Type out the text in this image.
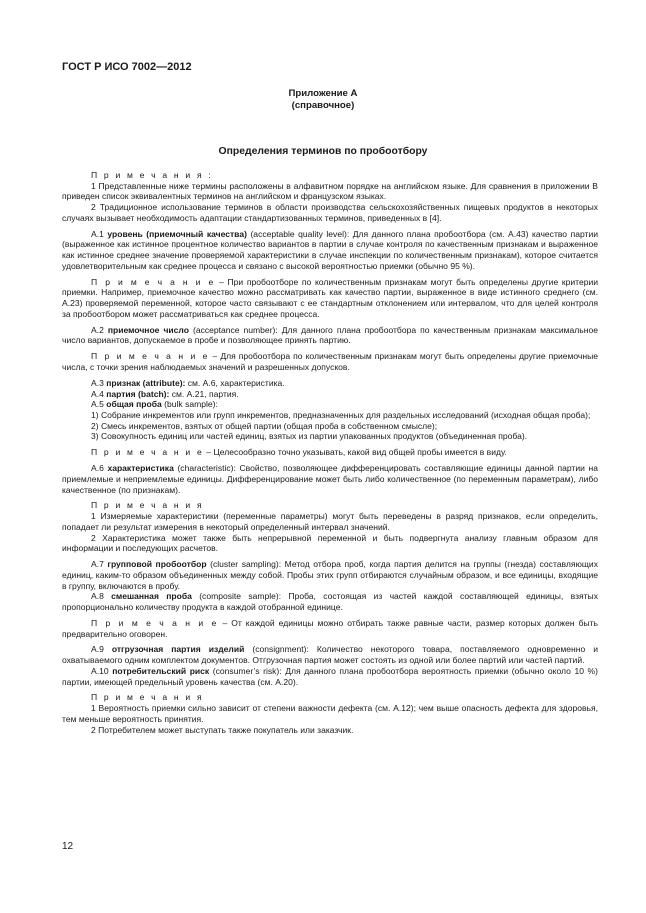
ГОСТ Р ИСО 7002—2012
Приложение А
(справочное)
Определения терминов по пробоотбору

П р и м е ч а н и я :

1 Представленные ниже термины расположены в алфавитном порядке на английском языке. Для сравнения в приложении В приведен список эквивалентных терминов на английском и французском языках.

2 Традиционное использование терминов в области производства сельскохозяйственных пищевых продуктов в некоторых случаях вызывает необходимость адаптации стандартизованных терминов, приведенных в [4].

А.1 уровень (приемочный качества) (acceptable quality level): Для данного плана пробоотбора (см. А.43) качество партии (выраженное как истинное процентное количество вариантов в партии в случае контроля по качественным признакам и выраженное как истинное среднее значение проверяемой характеристики в случае инспекции по количественным признакам), которое считается удовлетворительным как среднее процесса и связано с высокой вероятностью приемки (обычно 95 %).

П р и м е ч а н и е – При пробоотборе по количественным признакам могут быть определены другие критерии приемки. Например, приемочное качество можно рассматривать как качество партии, выраженное в виде истинного среднего (см. А.23) проверяемой переменной, которое часто связывают с ее стандартным отклонением или интервалом, что для целей контроля за пробоотбором может рассматриваться как среднее процесса.

А.2 приемочное число (acceptance number): Для данного плана пробоотбора по качественным признакам максимальное число вариантов, допускаемое в пробе и позволяющее принять партию.

П р и м е ч а н и е – Для пробоотбора по количественным признакам могут быть определены другие приемочные числа, с точки зрения наблюдаемых значений и разрешенных допусков.

А.3 признак (attribute): см. А.6, характеристика.

А.4 партия (batch): см. А.21, партия.

А.5 общая проба (bulk sample):

1) Собрание инкрементов или групп инкрементов, предназначенных для раздельных исследований (исходная общая проба);

2) Смесь инкрементов, взятых от общей партии (общая проба в собственном смысле);

3) Совокупность единиц или частей единиц, взятых из партии упакованных продуктов (объединенная проба).

П р и м е ч а н и е – Целесообразно точно указывать, какой вид общей пробы имеется в виду.

А.6 характеристика (characteristic): Свойство, позволяющее дифференцировать составляющие единицы данной партии на приемлемые и неприемлемые единицы. Дифференцирование может быть либо количественное (по переменным параметрам), либо качественное (по признакам).

П р и м е ч а н и я

1 Измеряемые характеристики (переменные параметры) могут быть переведены в разряд признаков, если определить, попадает ли результат измерения в некоторый определенный интервал значений.

2 Характеристика может также быть непрерывной переменной и быть подвергнута анализу главным образом для информации и последующих расчетов.

А.7 групповой пробоотбор (cluster sampling): Метод отбора проб, когда партия делится на группы (гнезда) составляющих единиц, каким-то образом объединенных между собой. Пробы этих групп отбираются случайным образом, и все единицы, входящие в группу, включаются в пробу.

А.8 смешанная проба (composite sample): Проба, состоящая из частей каждой составляющей единицы, взятых пропорционально количеству продукта в каждой отобранной единице.

П р и м е ч а н и е – От каждой единицы можно отбирать также равные части, размер которых должен быть предварительно оговорен.

А.9 отгрузочная партия изделий (consignment): Количество некоторого товара, поставляемого одновременно и охватываемого одним комплектом документов. Отгрузочная партия может состоять из одной или более партий или частей партий.

А.10 потребительский риск (consumer’s risk): Для данного плана пробоотбора вероятность приемки (обычно около 10 %) партии, имеющей предельный уровень качества (см. А.20).

П р и м е ч а н и я

1 Вероятность приемки сильно зависит от степени важности дефекта (см. А.12); чем выше опасность дефекта для здоровья, тем меньше вероятность принятия.

2 Потребителем может выступать также покупатель или заказчик.

12
